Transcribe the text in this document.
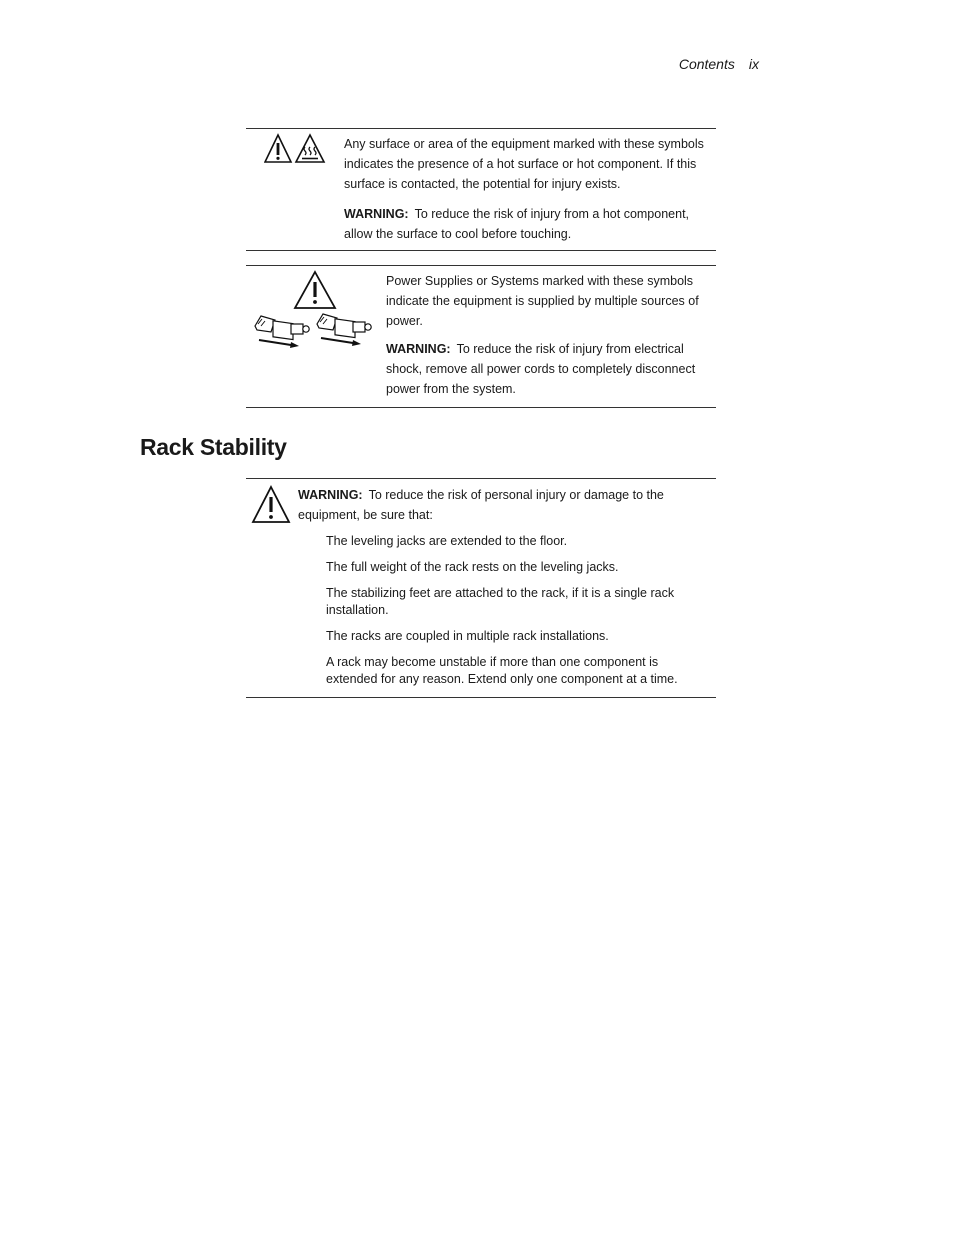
Contents ix

Any surface or area of the equipment marked with these symbols indicates the presence of a hot surface or hot component. If this surface is contacted, the potential for injury exists.

WARNING: To reduce the risk of injury from a hot component, allow the surface to cool before touching.

Power Supplies or Systems marked with these symbols indicate the equipment is supplied by multiple sources of power.

WARNING: To reduce the risk of injury from electrical shock, remove all power cords to completely disconnect power from the system.

Rack Stability

WARNING: To reduce the risk of personal injury or damage to the equipment, be sure that:

The leveling jacks are extended to the floor.
The full weight of the rack rests on the leveling jacks.
The stabilizing feet are attached to the rack, if it is a single rack installation.
The racks are coupled in multiple rack installations.
A rack may become unstable if more than one component is extended for any reason. Extend only one component at a time.
